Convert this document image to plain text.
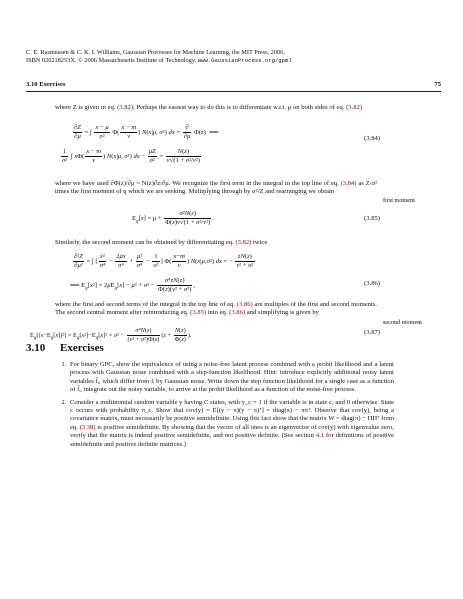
C. E. Rasmussen & C. K. I. Williams, Gaussian Processes for Machine Learning, the MIT Press, 2006,
ISBN 026218253X. © 2006 Massachusetts Institute of Technology. www.GaussianProcess.org/gpml
3.10 Exercises	75
where Z is given in eq. (3.82). Perhaps the easiest way to do this is to differentiate w.r.t. μ on both sides of eq. (3.82)
$\frac{\partial Z}{\partial\mu}$ = ∫ $\frac{x - \mu}{\text{σ²}} \Phi( \frac{x - m}{v}$ ) N(x|μ, σ²) dx = $\frac{\partial}{\partial\mu} \Phi(z)$  ⟺
$\frac{1}{\text{σ²}}$ ∫ $x\Phi( \frac{x - m}{v}$ ) N(x|μ, σ²) dx − $\frac{\mu Z}{\text{σ²}} = \frac{N(z)}{\text{v√(1 + σ²/v²)}}$
(3.84)
where we have used ∂Φ(z)/∂μ = N(z)∂z/∂μ. We recognize the first term in the integral in the top line of eq. (3.84) as Z/σ² times the first moment of q which we are seeking. Multiplying through by σ²/Z and rearranging we obtain
first moment
$E_q[x] = \mu + \frac{\text{σ²N(z)}}{\text{Φ(z)v√(1 + σ²/v²)}}$ .	(3.85)
Similarly, the second moment can be obtained by differentiating eq. (3.82) twice
$\frac{\text{∂²Z}}{\text{∂μ²}}$ = ∫ [ $\frac{\text{x²}}{\text{σ⁴}} - \frac{2\mu x}{\text{σ⁴}} + \frac{\text{μ²}}{\text{σ⁴}} - \frac{1}{\text{σ²}}$ ] $\Phi( \frac{x-m}{v}$ ) N(x|μ,σ²) dx = − $\frac{zN(z)}{\text{v² + σ²}}$
⟺ $E_q[x^2] = 2\mu E_q[x] - \mu^2 + \sigma^2 - \frac{\text{σ⁴zN(z)}}{\text{Φ(z)(v² + σ²)}}$ ,	(3.86)
where the first and second terms of the integral in the top line of eq. (3.86) are multiples of the first and second moments. The second central moment after reintroducing eq. (3.85) into eq. (3.86) and simplifying is given by
second moment
$E_q[(x-E_q[x])^2] = E_q[x^2]-E_q[x]^2 = \sigma^2 - \frac{\text{σ⁴N(z)}}{\text{(v² + σ²)Φ(z)}} (z + \frac{N(z)}{\Phi(z)}$ ).	(3.87)
3.10 Exercises
1. For binary GPC, show the equivalence of using a noise-free latent process combined with a probit likelihood and a latent process with Gaussian noise combined with a step-function likelihood. Hint: introduce explicitly additional noisy latent variables f̃ᵢ, which differ from fᵢ by Gaussian noise. Write down the step function likelihood for a single case as a function of f̃ᵢ, integrate out the noisy variable, to arrive at the probit likelihood as a function of the noise-free process.
2. Consider a multinomial random variable y having C states, with y_c = 1 if the variable is in state c, and 0 otherwise. State c occurs with probability π_c. Show that cov(y) = E[(y − π)(y − π)ᵀ] = diag(π) − ππᵀ. Observe that cov(y), being a covariance matrix, must necessarily be positive semidefinite. Using this fact show that the matrix W = diag(π) − ΠΠᵀ from eq. (3.38) is positive semidefinite. By showing that the vector of all ones is an eigenvector of cov(y) with eigenvalue zero, verify that the matrix is indeed positive semidefinite, and not positive definite. (See section 4.1 for definitions of positive semidefinite and positive definite matrices.)
